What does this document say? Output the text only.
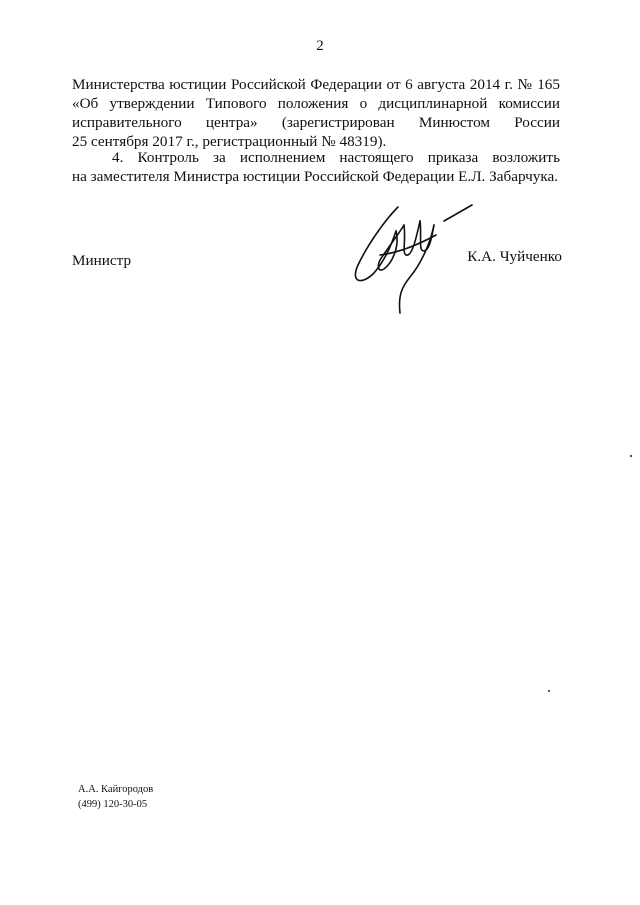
2
Министерства юстиции Российской Федерации от 6 августа 2014 г. № 165
«Об утверждении Типового положения о дисциплинарной комиссии
исправительного центра» (зарегистрирован Минюстом России
25 сентября 2017 г., регистрационный № 48319).
4. Контроль за исполнением настоящего приказа возложить
на заместителя Министра юстиции Российской Федерации Е.Л. Забарчука.
Министр	К.А. Чуйченко
А.А. Кайгородов
(499) 120-30-05
